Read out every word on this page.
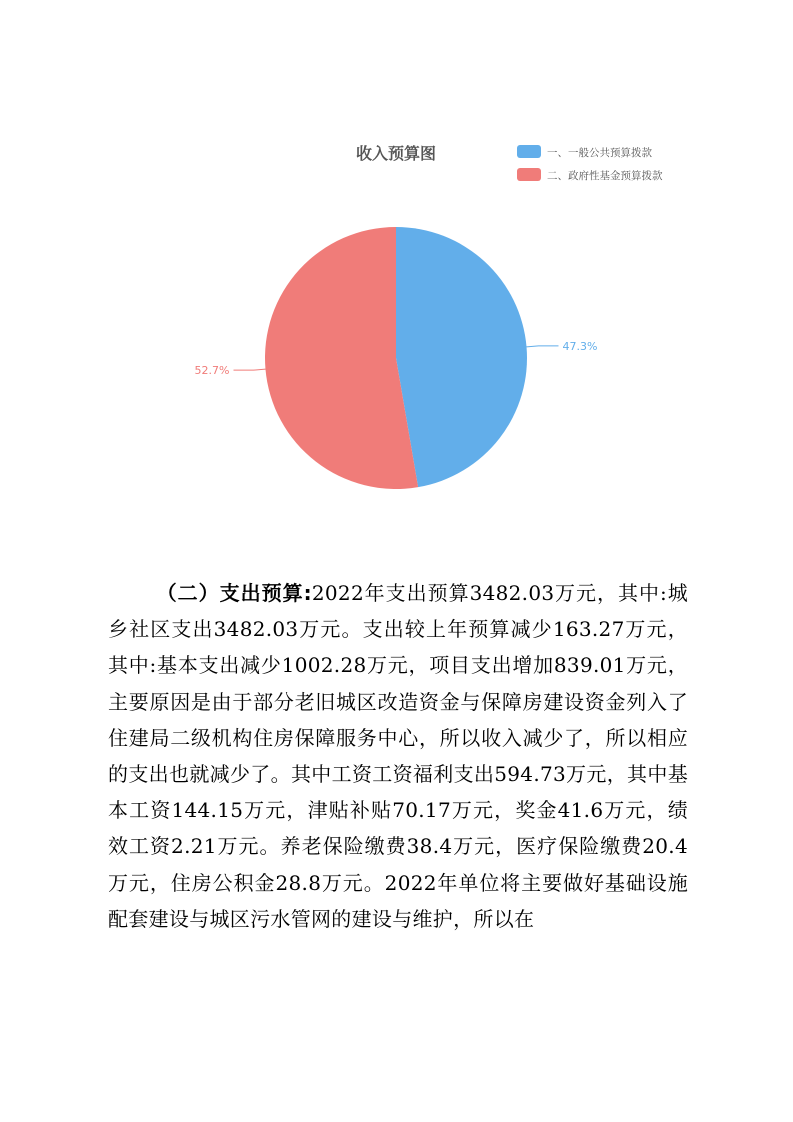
收入预算图	一、一般公共预算拨款
二、政府性基金预算拨款
47.3%
52.7%

（二）支出预算:2022年支出预算3482.03万元，其中:城乡社区支出3482.03万元。支出较上年预算减少163.27万元，其中:基本支出减少1002.28万元，项目支出增加839.01万元，主要原因是由于部分老旧城区改造资金与保障房建设资金列入了住建局二级机构住房保障服务中心，所以收入减少了，所以相应的支出也就减少了。其中工资工资福利支出594.73万元，其中基本工资144.15万元，津贴补贴70.17万元，奖金41.6万元，绩效工资2.21万元。养老保险缴费38.4万元，医疗保险缴费20.4万元，住房公积金28.8万元。2022年单位将主要做好基础设施配套建设与城区污水管网的建设与维护，所以在
